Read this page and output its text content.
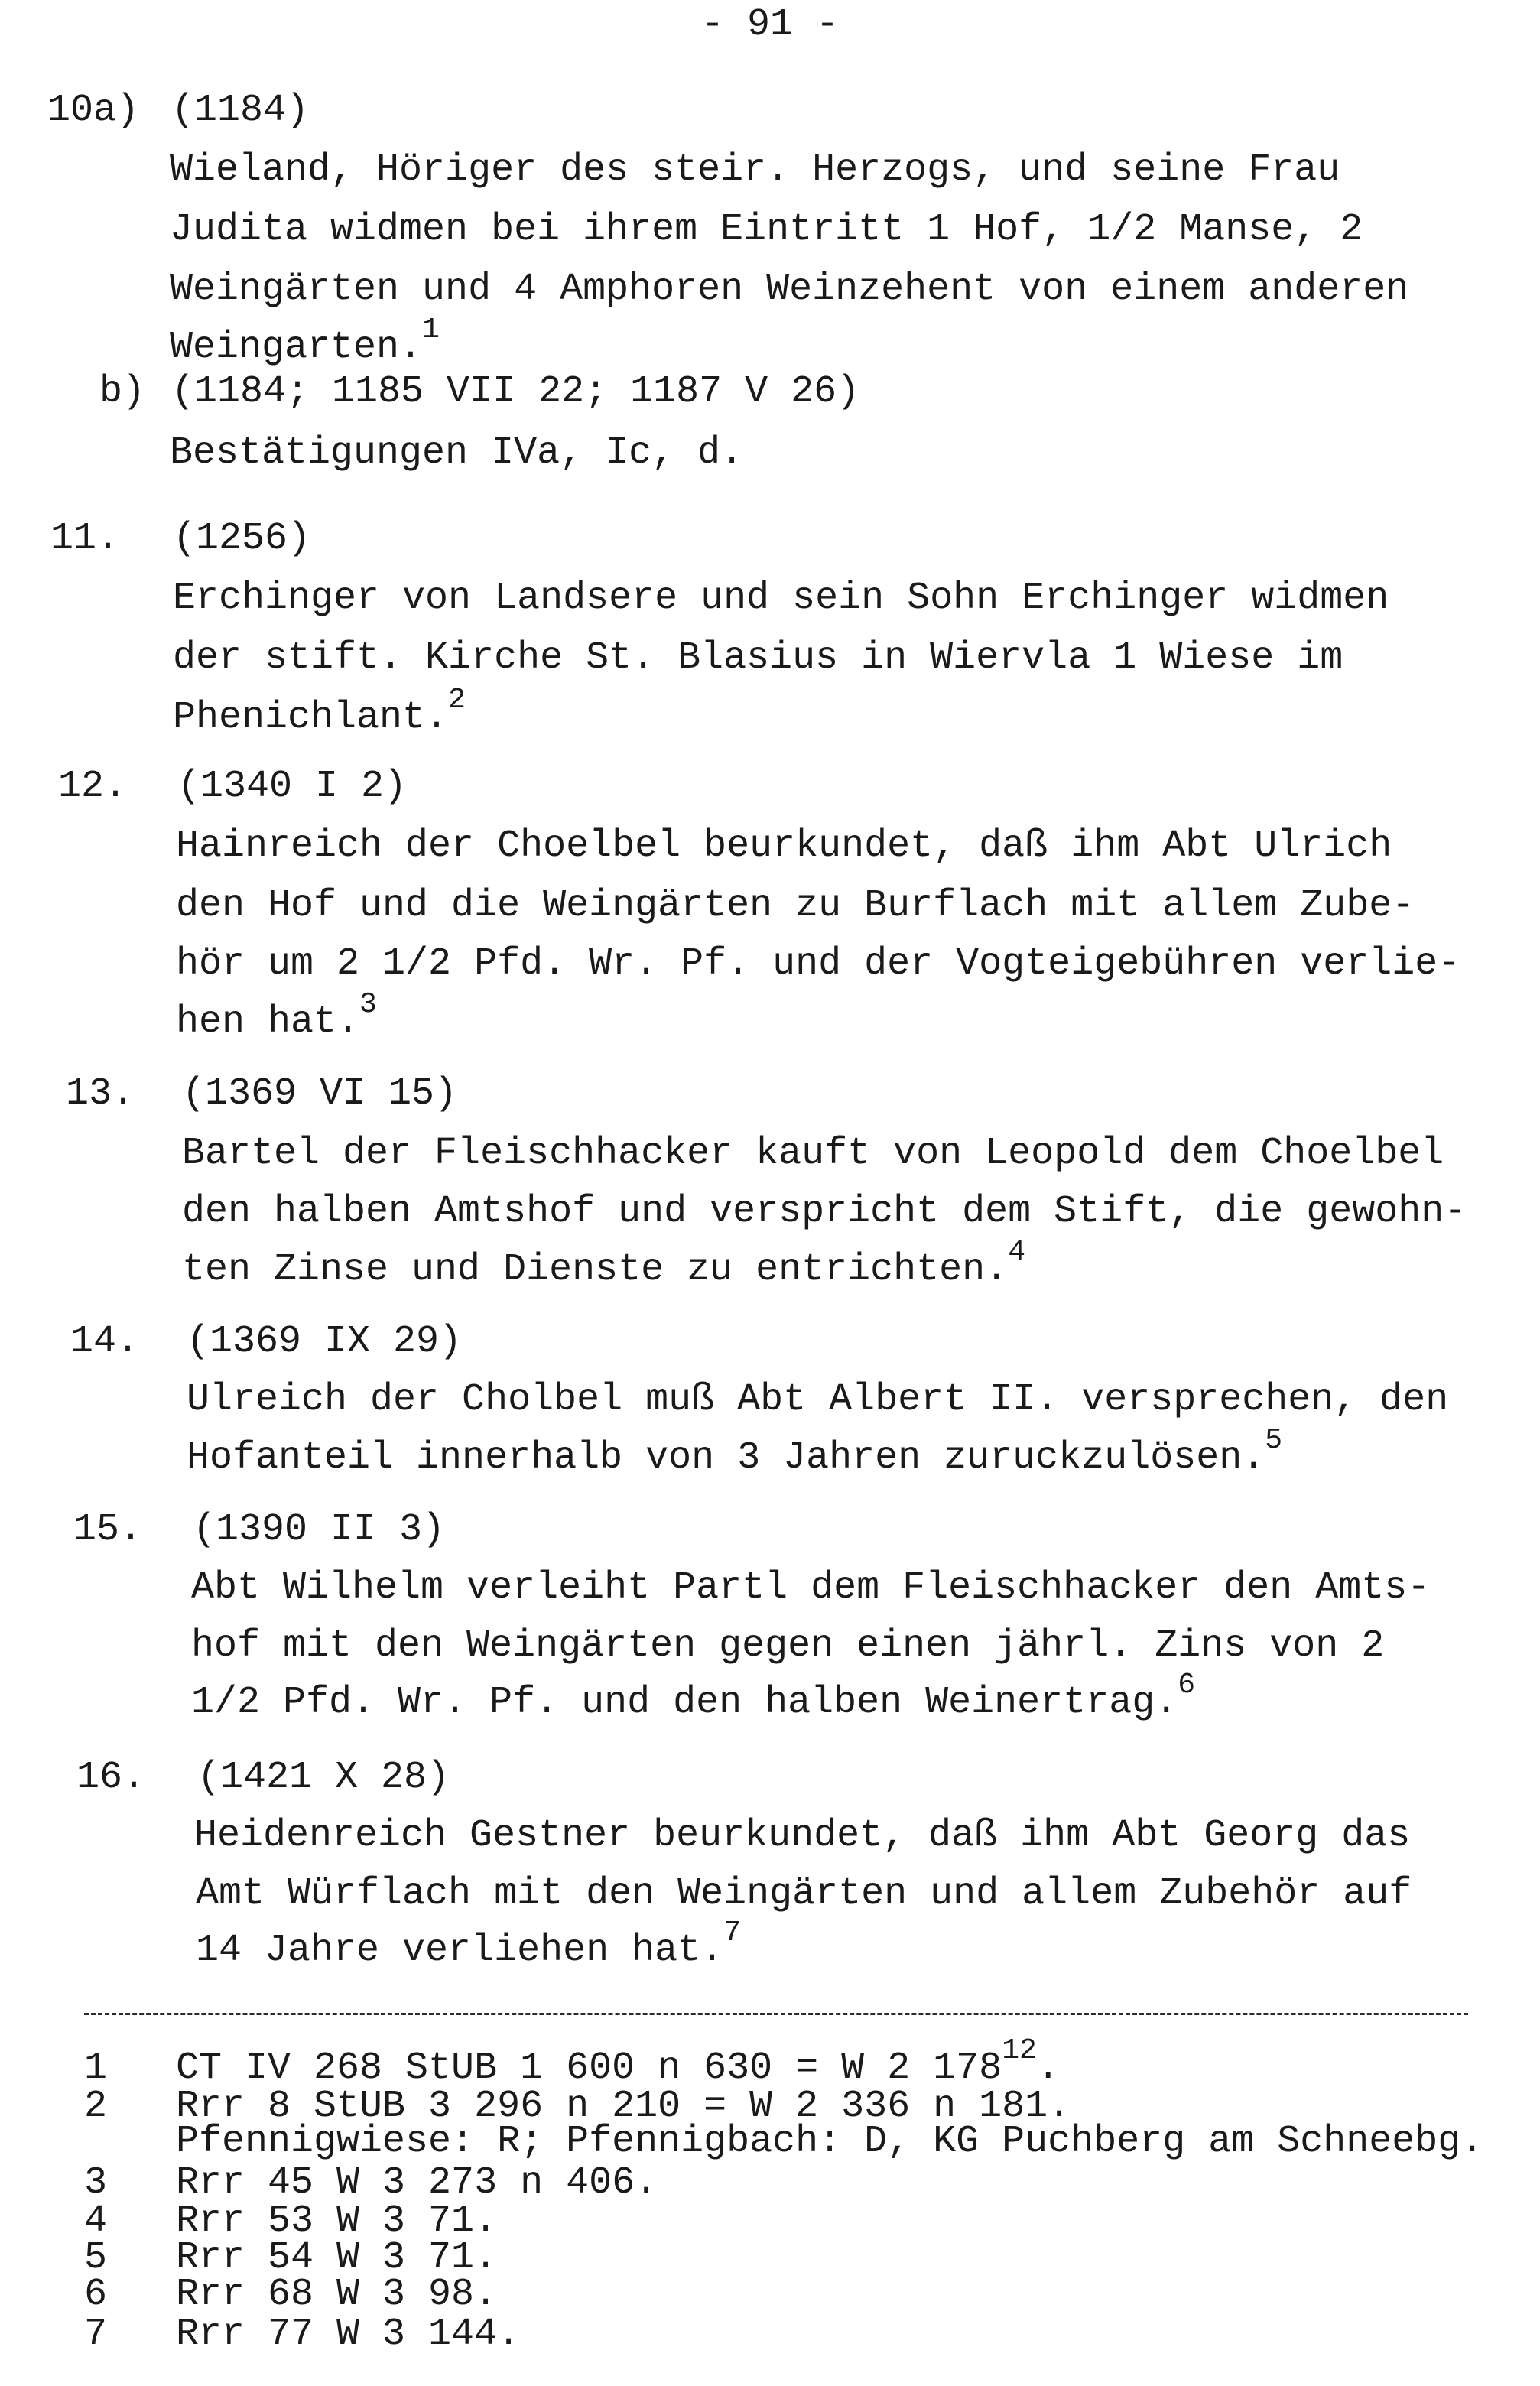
- 91 -
10a) (1184)
Wieland, Höriger des steir. Herzogs, und seine Frau
Judita widmen bei ihrem Eintritt 1 Hof, 1/2 Manse, 2
Weingärten und 4 Amphoren Weinzehent von einem anderen
Weingarten.$^1$
b) (1184; 1185 VII 22; 1187 V 26)
Bestätigungen IVa, Ic, d.
11. (1256)
Erchinger von Landsere und sein Sohn Erchinger widmen
der stift. Kirche St. Blasius in Wiervla 1 Wiese im
Phenichlant.$^2$
12. (1340 I 2)
Hainreich der Choelbel beurkundet, daß ihm Abt Ulrich
den Hof und die Weingärten zu Burflach mit allem Zube-
hör um 2 1/2 Pfd. Wr. Pf. und der Vogteigebühren verlie-
hen hat.$^3$
13. (1369 VI 15)
Bartel der Fleischhacker kauft von Leopold dem Choelbel
den halben Amtshof und verspricht dem Stift, die gewohn-
ten Zinse und Dienste zu entrichten.$^4$
14. (1369 IX 29)
Ulreich der Cholbel muß Abt Albert II. versprechen, den
Hofanteil innerhalb von 3 Jahren zuruckzulösen.$^5$
15. (1390 II 3)
Abt Wilhelm verleiht Partl dem Fleischhacker den Amts-
hof mit den Weingärten gegen einen jährl. Zins von 2
1/2 Pfd. Wr. Pf. und den halben Weinertrag.$^6$
16. (1421 X 28)
Heidenreich Gestner beurkundet, daß ihm Abt Georg das
Amt Würflach mit den Weingärten und allem Zubehör auf
14 Jahre verliehen hat.$^7$
1 CT IV 268 StUB 1 600 n 630 = W 2 178$^{12}$.
2 Rrr 8 StUB 3 296 n 210 = W 2 336 n 181.
Pfennigwiese: R; Pfennigbach: D, KG Puchberg am Schneebg.
3 Rrr 45 W 3 273 n 406.
4 Rrr 53 W 3 71.
5 Rrr 54 W 3 71.
6 Rrr 68 W 3 98.
7 Rrr 77 W 3 144.
